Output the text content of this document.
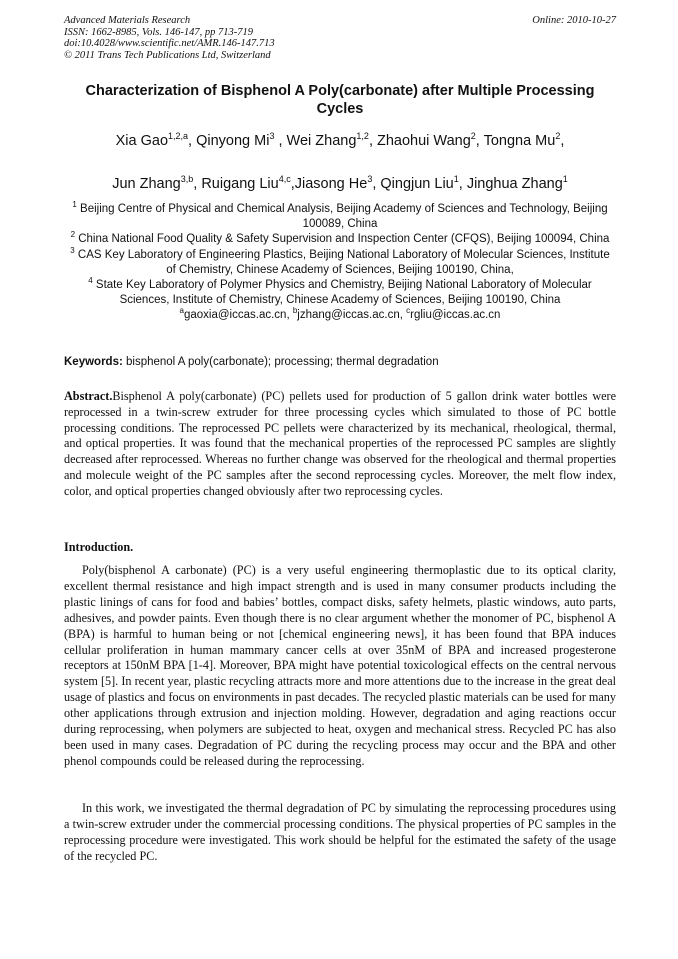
Advanced Materials Research
ISSN: 1662-8985, Vols. 146-147, pp 713-719
doi:10.4028/www.scientific.net/AMR.146-147.713
© 2011 Trans Tech Publications Ltd, Switzerland
Online: 2010-10-27
Characterization of Bisphenol A Poly(carbonate) after Multiple Processing Cycles
Xia Gao$^{1,2,a}$, Qinyong Mi$^3$ , Wei Zhang$^{1,2}$, Zhaohui Wang$^2$, Tongna Mu$^2$,
Jun Zhang$^{3,b}$, Ruigang Liu$^{4,c}$,Jiasong He$^3$, Qingjun Liu$^1$, Jinghua Zhang$^1$
$^1$ Beijing Centre of Physical and Chemical Analysis, Beijing Academy of Sciences and Technology, Beijing 100089, China
$^2$ China National Food Quality & Safety Supervision and Inspection Center (CFQS), Beijing 100094, China
$^3$ CAS Key Laboratory of Engineering Plastics, Beijing National Laboratory of Molecular Sciences, Institute of Chemistry, Chinese Academy of Sciences, Beijing 100190, China,
$^4$ State Key Laboratory of Polymer Physics and Chemistry, Beijing National Laboratory of Molecular Sciences, Institute of Chemistry, Chinese Academy of Sciences, Beijing 100190, China
$^a$gaoxia@iccas.ac.cn, $^b$jzhang@iccas.ac.cn, $^c$rgliu@iccas.ac.cn
Keywords: bisphenol A poly(carbonate); processing; thermal degradation
Abstract.Bisphenol A poly(carbonate) (PC) pellets used for production of 5 gallon drink water bottles were reprocessed in a twin-screw extruder for three processing cycles which simulated to those of PC bottle processing conditions. The reprocessed PC pellets were characterized by its mechanical, rheological, thermal, and optical properties. It was found that the mechanical properties of the reprocessed PC samples are slightly decreased after reprocessed. Whereas no further change was observed for the rheological and thermal properties and molecule weight of the PC samples after the second reprocessing cycles. Moreover, the melt flow index, color, and optical properties changed obviously after two reprocessing cycles.
Introduction.

Poly(bisphenol A carbonate) (PC) is a very useful engineering thermoplastic due to its optical clarity, excellent thermal resistance and high impact strength and is used in many consumer products including the plastic linings of cans for food and babies’ bottles, compact disks, safety helmets, plastic windows, auto parts, adhesives, and powder paints. Even though there is no clear argument whether the monomer of PC, bisphenol A (BPA) is harmful to human being or not [chemical engineering news], it has been found that BPA induces cellular proliferation in human mammary cancer cells at over 35nM of BPA and increased progesterone receptors at 150nM BPA [1-4]. Moreover, BPA might have potential toxicological effects on the central nervous system [5]. In recent year, plastic recycling attracts more and more attentions due to the increase in the great deal usage of plastics and focus on environments in past decades. The recycled plastic materials can be used for many other applications through extrusion and injection molding. However, degradation and aging reactions occur during reprocessing, when polymers are subjected to heat, oxygen and mechanical stress. Recycled PC has also been used in many cases. Degradation of PC during the recycling process may occur and the BPA and other phenol compounds could be released during the reprocessing.

In this work, we investigated the thermal degradation of PC by simulating the reprocessing procedures using a twin-screw extruder under the commercial processing conditions. The physical properties of PC samples in the reprocessing procedure were investigated. This work should be helpful for the estimated the safety of the usage of the recycled PC.
